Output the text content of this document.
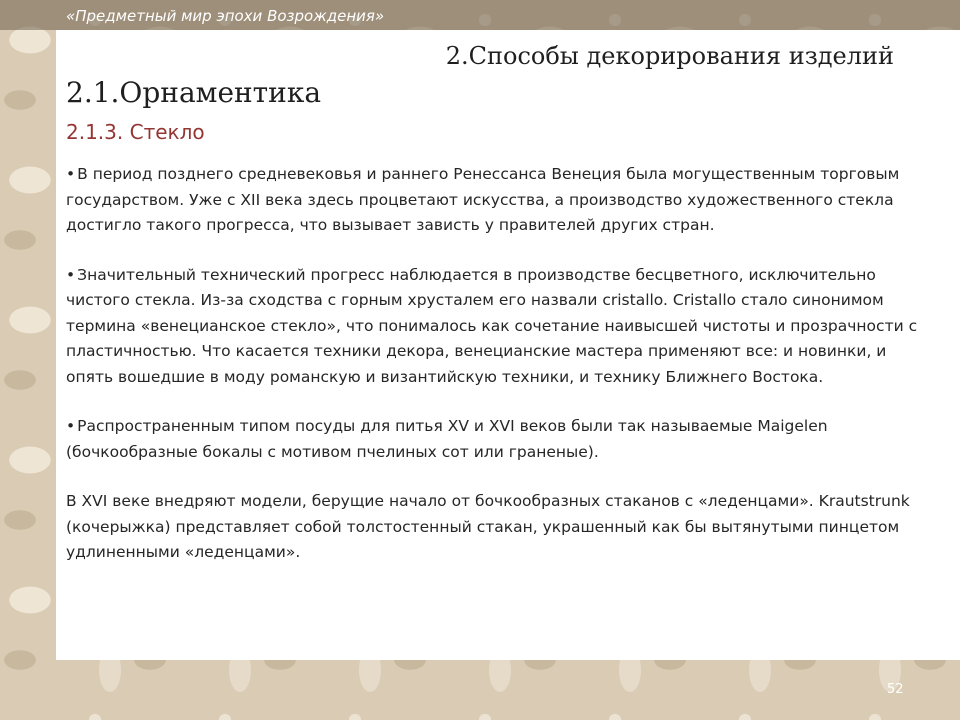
«Предметный мир эпохи Возрождения»
2.Способы декорирования изделий
2.1.Орнаментика
2.1.3. Стекло

• В период позднего средневековья и раннего Ренессанса Венеция была могущественным торговым государством. Уже с XII века здесь процветают искусства, а производство художественного стекла достигло такого прогресса, что вызывает зависть у правителей других стран.

• Значительный технический прогресс наблюдается в производстве бесцветного, исключительно чистого стекла. Из-за сходства с горным хрусталем его назвали cristallo. Cristallo стало синонимом термина «венецианское стекло», что понималось как сочетание наивысшей чистоты и прозрачности с пластичностью. Что касается техники декора, венецианские мастера применяют все: и новинки, и опять вошедшие в моду романскую и византийскую техники, и технику Ближнего Востока.

• Распространенным типом посуды для питья XV и XVI веков были так называемые Maigelen (бочкообразные бокалы с мотивом пчелиных сот или граненые).

В XVI веке внедряют модели, берущие начало от бочкообразных стаканов с «леденцами». Krautstrunk (кочерыжка) представляет собой толстостенный стакан, украшенный как бы вытянутыми пинцетом удлиненными «леденцами».

52
